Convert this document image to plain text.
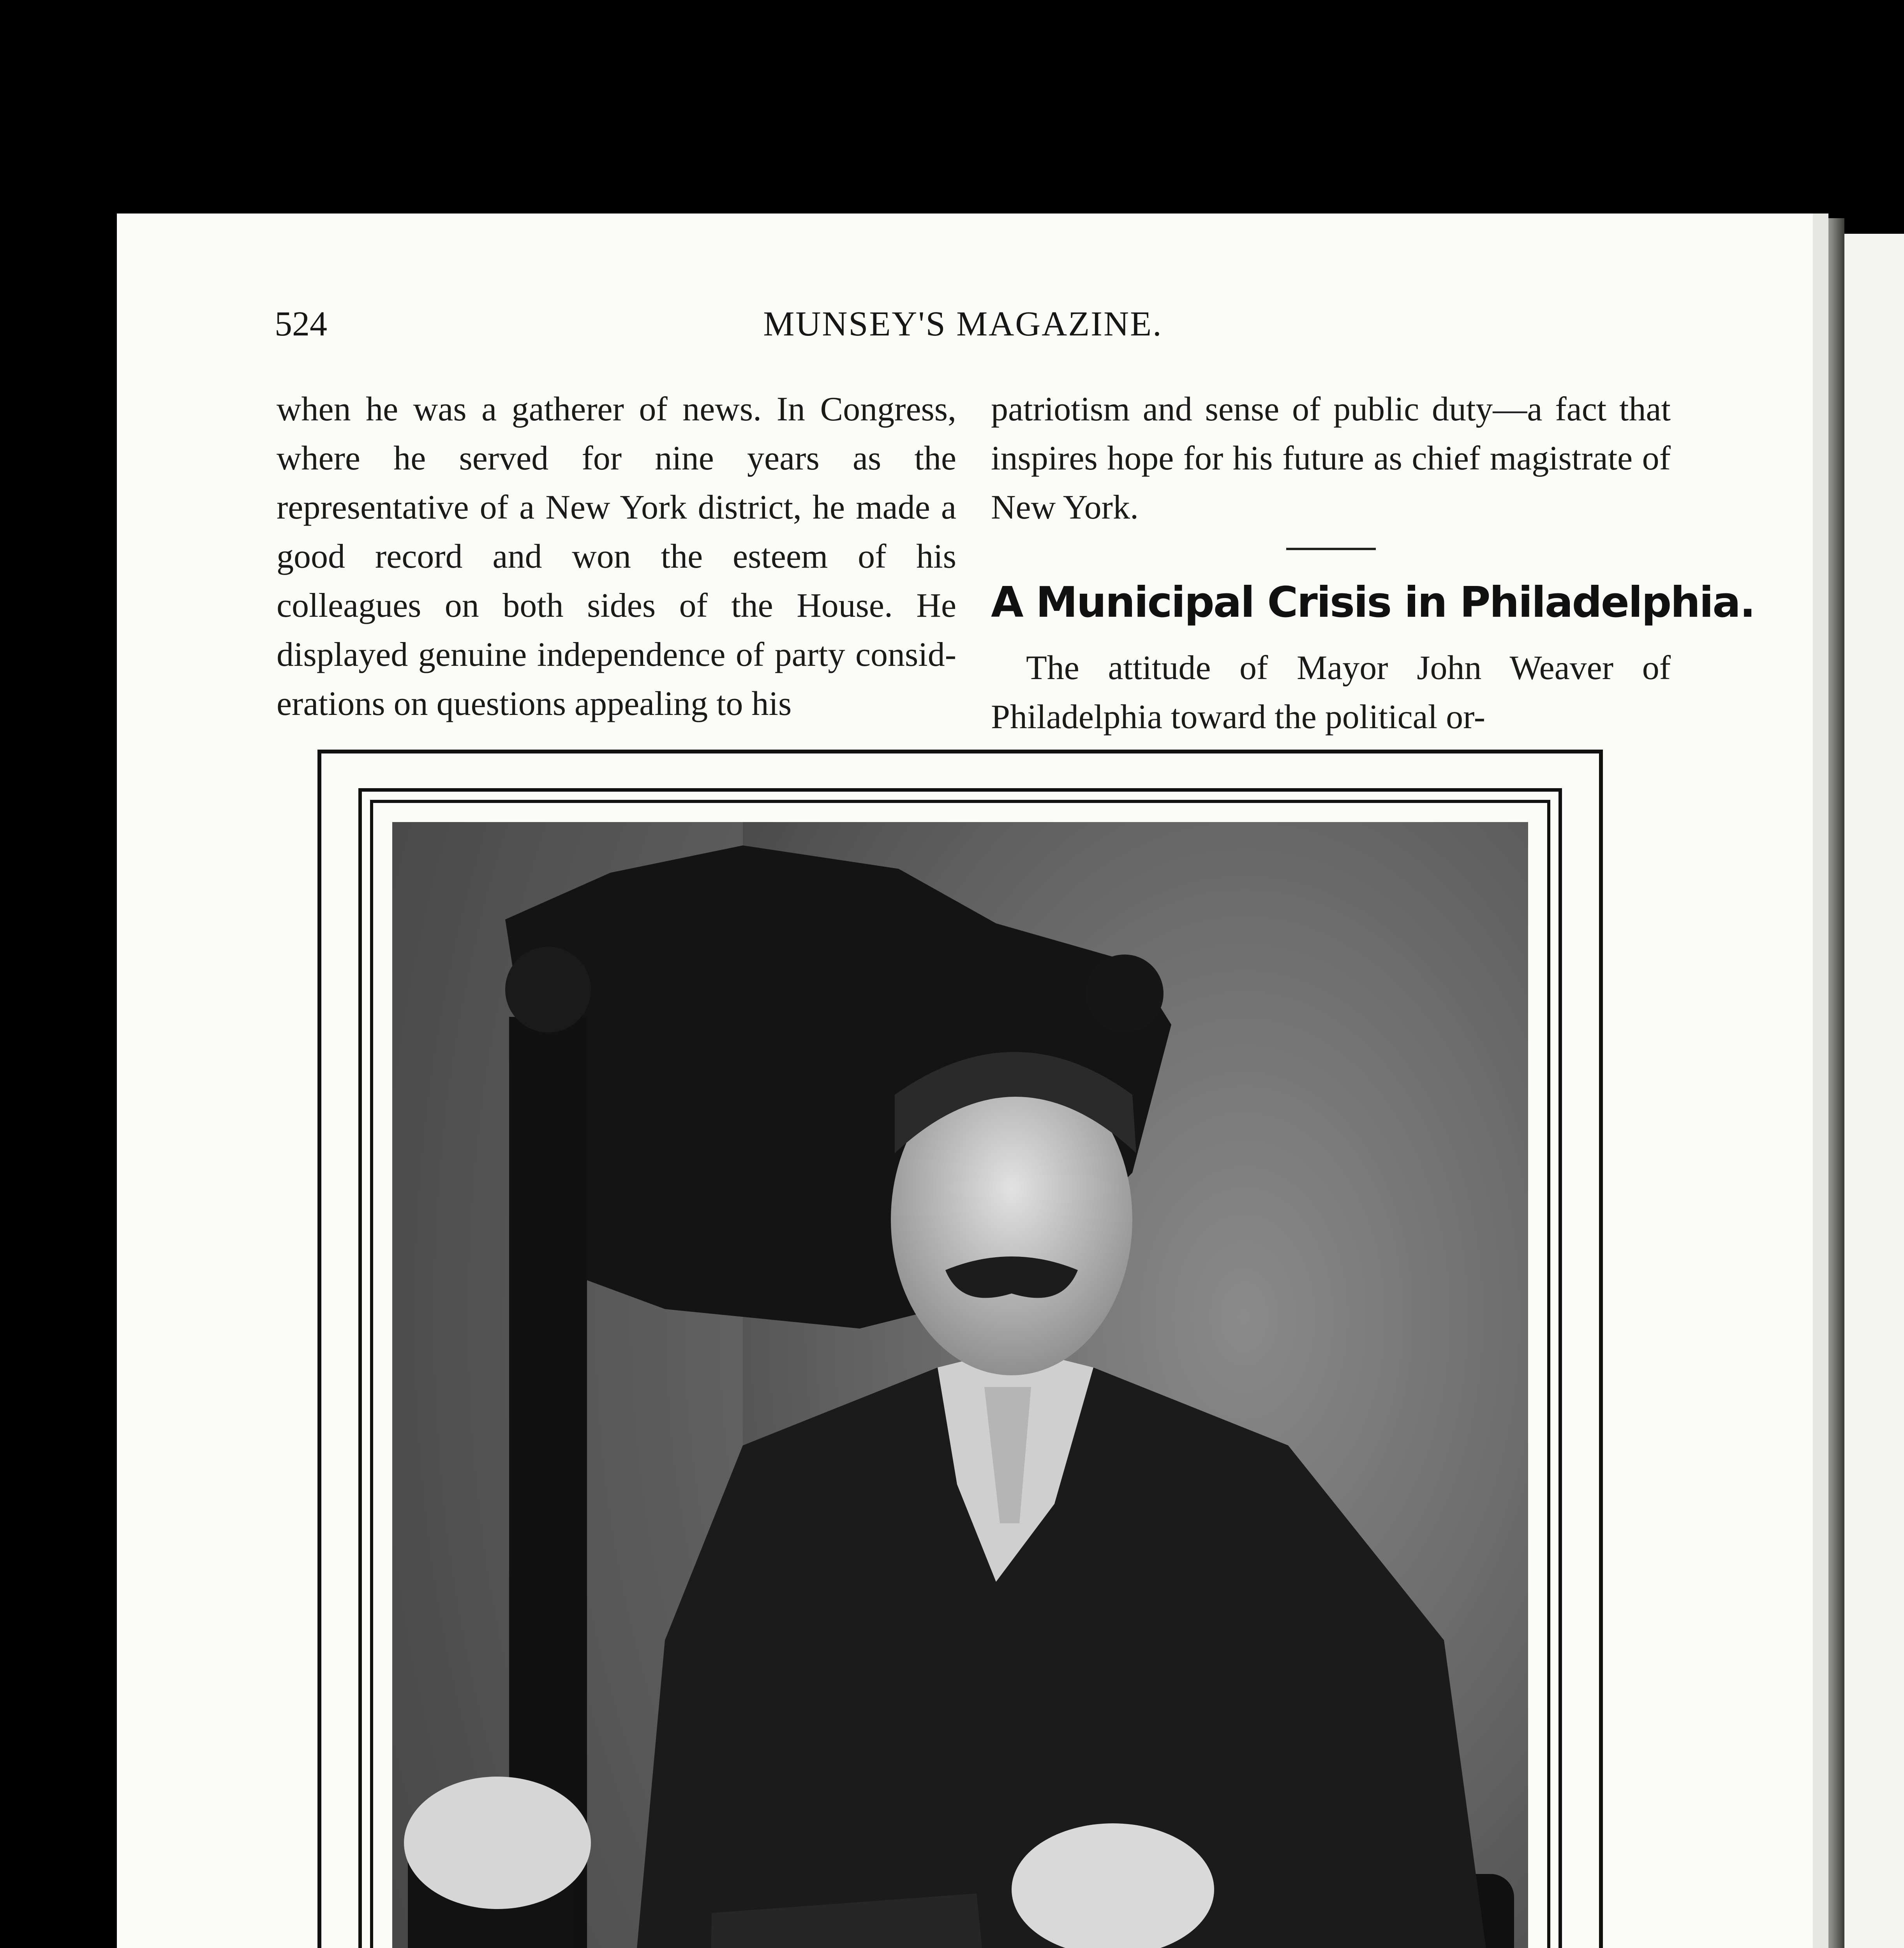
524	MUNSEY'S MAGAZINE.

when he was a gatherer of news. In Congress, where he served for nine years as the representative of a New York district, he made a good record and won the esteem of his colleagues on both sides of the House. He displayed genuine independence of party consid- erations on questions appealing to his

patriotism and sense of public duty—a fact that inspires hope for his future as chief magistrate of New York.

A Municipal Crisis in Philadelphia.

The attitude of Mayor John Weaver of Philadelphia toward the political or-
